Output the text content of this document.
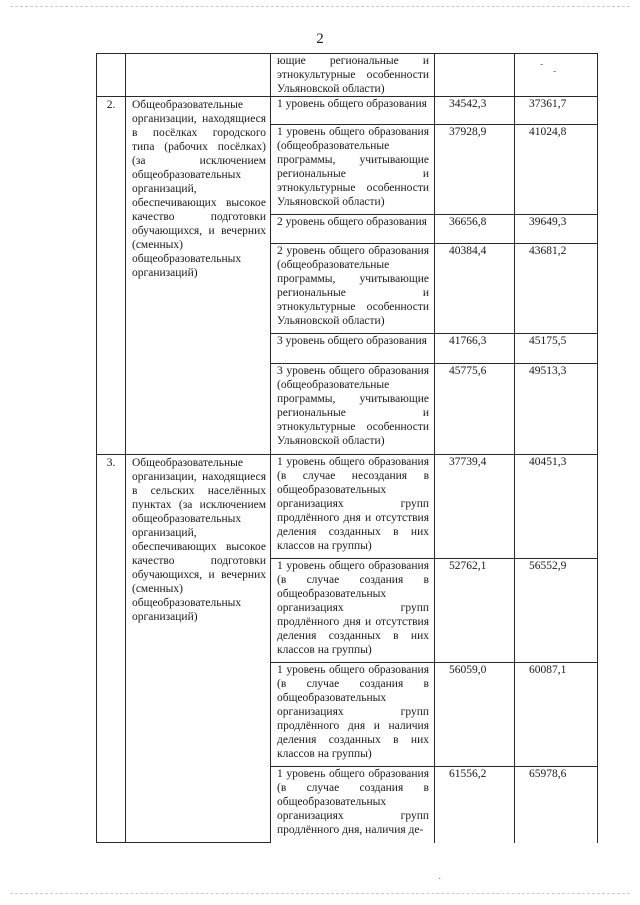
2
		ющие региональные и этнокультурные особенности Ульяновской области)		
2.	Общеобразовательные организации, находящиеся в посёлках городского типа (рабочих посёлках) (за исключением общеобразовательных организаций, обеспечивающих высокое качество подготовки обучающихся, и вечерних (сменных) общеобразовательных организаций)	1 уровень общего образования	34542,3	37361,7
		1 уровень общего образования (общеобразовательные программы, учитывающие региональные и этнокультурные особенности Ульяновской области)	37928,9	41024,8
		2 уровень общего образования	36656,8	39649,3
		2 уровень общего образования (общеобразовательные программы, учитывающие региональные и этнокультурные особенности Ульяновской области)	40384,4	43681,2
		3 уровень общего образования	41766,3	45175,5
		3 уровень общего образования (общеобразовательные программы, учитывающие региональные и этнокультурные особенности Ульяновской области)	45775,6	49513,3
3.	Общеобразовательные организации, находящиеся в сельских населённых пунктах (за исключением общеобразовательных организаций, обеспечивающих высокое качество подготовки обучающихся, и вечерних (сменных) общеобразовательных организаций)	1 уровень общего образования (в случае несоздания в общеобразовательных организациях групп продлённого дня и отсутствия деления созданных в них классов на группы)	37739,4	40451,3
		1 уровень общего образования (в случае создания в общеобразовательных организациях групп продлённого дня и отсутствия деления созданных в них классов на группы)	52762,1	56552,9
		1 уровень общего образования (в случае создания в общеобразовательных организациях групп продлённого дня и наличия деления созданных в них классов на группы)	56059,0	60087,1
		1 уровень общего образования (в случае создания в общеобразовательных организациях групп продлённого дня, наличия де-	61556,2	65978,6
-
-
·
